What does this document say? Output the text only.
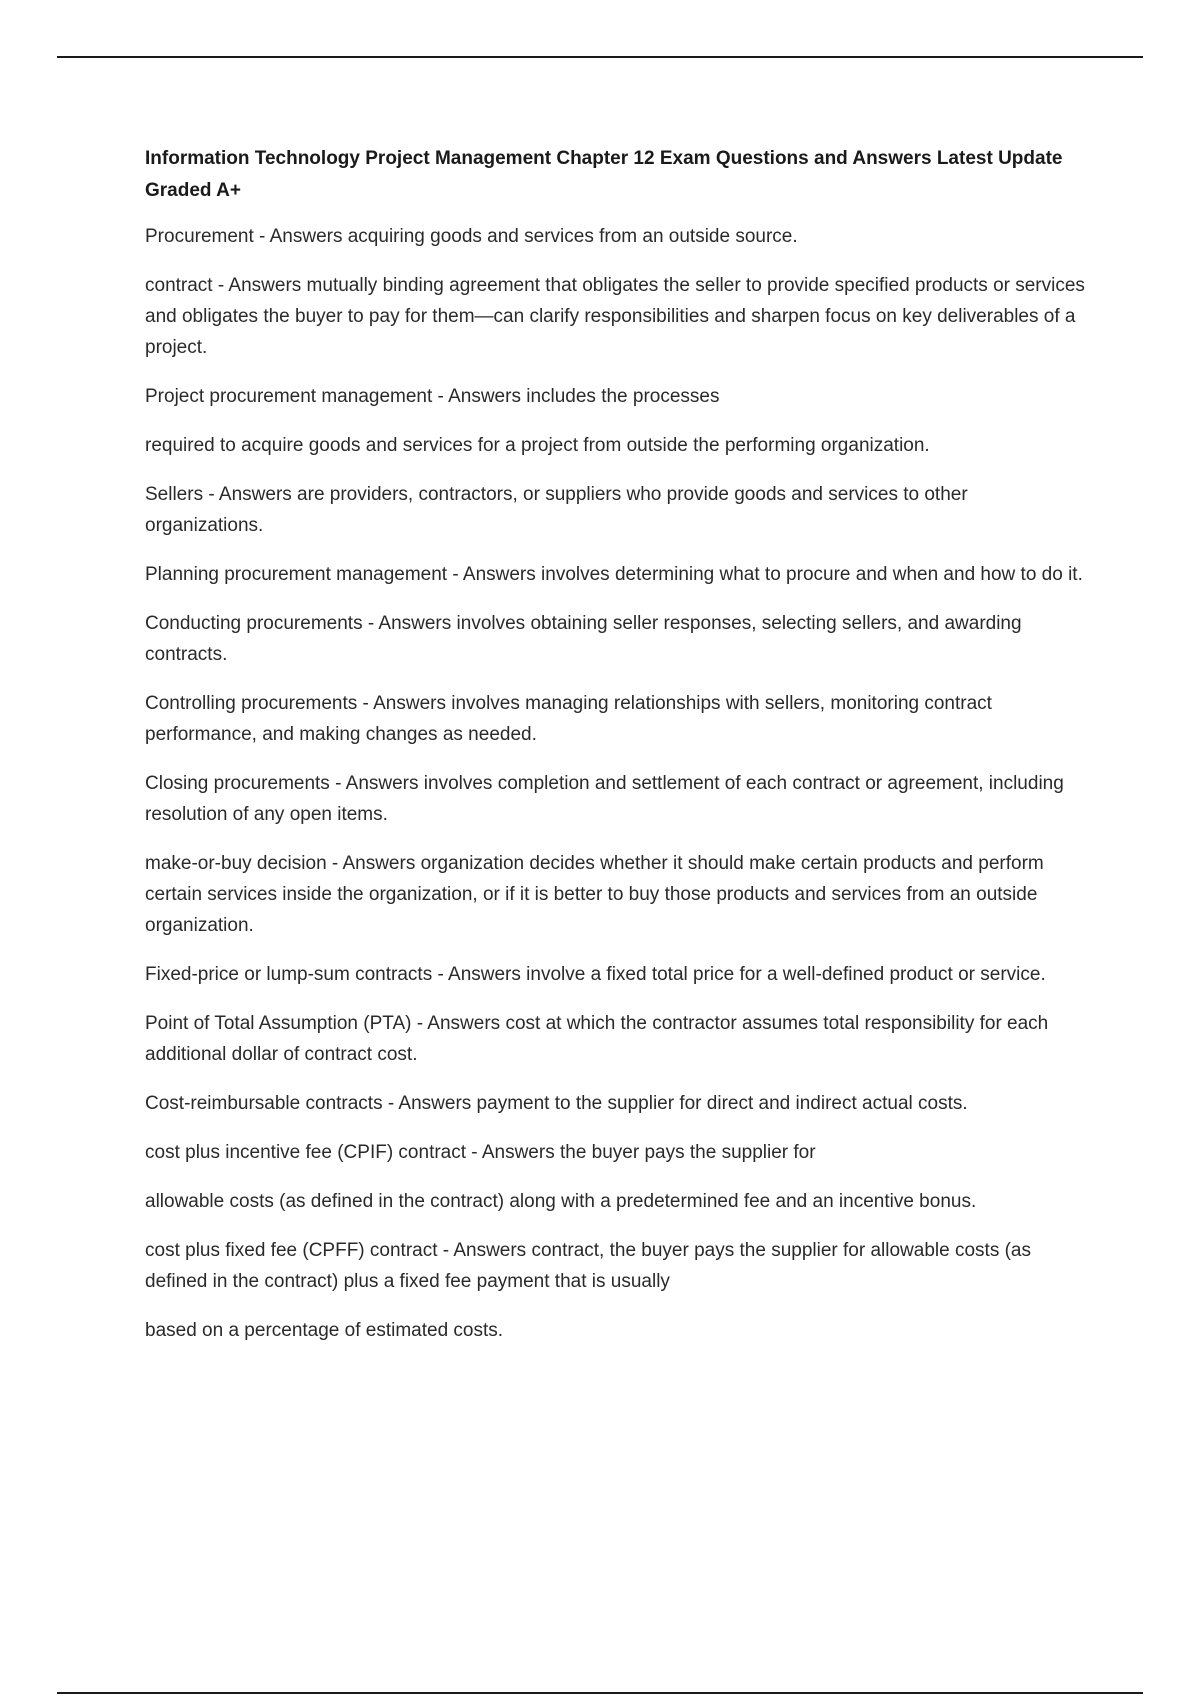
Information Technology Project Management Chapter 12 Exam Questions and Answers Latest Update Graded A+

Procurement - Answers acquiring goods and services from an outside source.

contract - Answers mutually binding agreement that obligates the seller to provide specified products or services and obligates the buyer to pay for them—can clarify responsibilities and sharpen focus on key deliverables of a project.

Project procurement management - Answers includes the processes

required to acquire goods and services for a project from outside the performing organization.

Sellers - Answers are providers, contractors, or suppliers who provide goods and services to other organizations.

Planning procurement management - Answers involves determining what to procure and when and how to do it.

Conducting procurements - Answers involves obtaining seller responses, selecting sellers, and awarding contracts.

Controlling procurements - Answers involves managing relationships with sellers, monitoring contract performance, and making changes as needed.

Closing procurements - Answers involves completion and settlement of each contract or agreement, including resolution of any open items.

make-or-buy decision - Answers organization decides whether it should make certain products and perform certain services inside the organization, or if it is better to buy those products and services from an outside organization.

Fixed-price or lump-sum contracts - Answers involve a fixed total price for a well-defined product or service.

Point of Total Assumption (PTA) - Answers cost at which the contractor assumes total responsibility for each additional dollar of contract cost.

Cost-reimbursable contracts - Answers payment to the supplier for direct and indirect actual costs.

cost plus incentive fee (CPIF) contract - Answers the buyer pays the supplier for

allowable costs (as defined in the contract) along with a predetermined fee and an incentive bonus.

cost plus fixed fee (CPFF) contract - Answers contract, the buyer pays the supplier for allowable costs (as defined in the contract) plus a fixed fee payment that is usually

based on a percentage of estimated costs.
